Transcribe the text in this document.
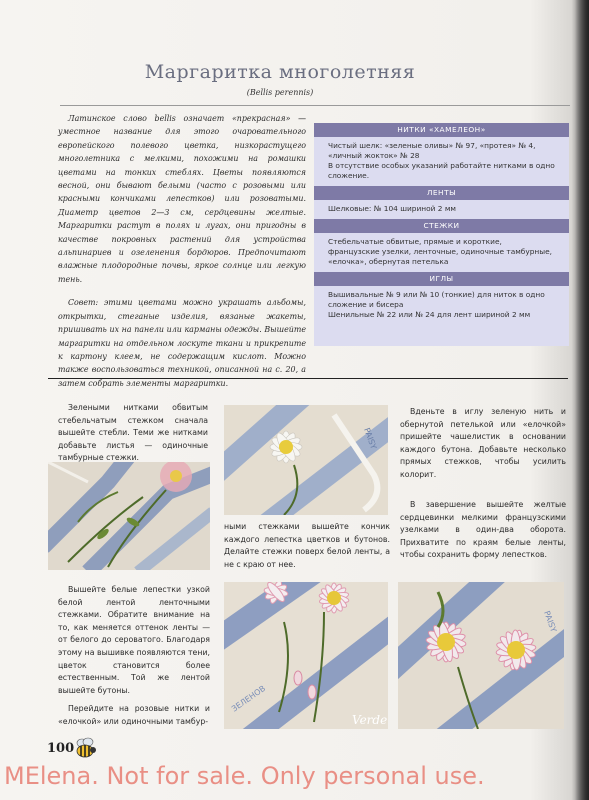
Маргаритка многолетняя
(Bellis perennis)

Латинское слово bellis означает «прекрасная» — уместное название для этого очаровательного европейского полевого цветка, низкорастущего многолетника с мелкими, похожими на ромашки цветами на тонких стеблях. Цветы появляются весной, они бывают белыми (часто с розовыми или красными кончиками лепестков) или розоватыми. Диаметр цветов 2—3 см, сердцевины желтые. Маргаритки растут в полях и лугах, они пригодны в качестве покровных растений для устройства альпинариев и озеленения бордюров. Предпочитают влажные плодородные почвы, яркое солнце или легкую тень.

Совет: этими цветами можно украшать альбомы, открытки, стеганые изделия, вязаные жакеты, пришивать их на панели или карманы одежды. Вышейте маргаритки на отдельном лоскуте ткани и прикрепите к картону клеем, не содержащим кислот. Можно также воспользоваться техникой, описанной на с. 20, а затем собрать элементы маргаритки.

НИТКИ «ХАМЕЛЕОН»
Чистый шелк: «зеленые оливы» № 97, «протея» № 4, «личный жокток» № 28
В отсутствие особых указаний работайте нитками в одно сложение.
ЛЕНТЫ
Шелковые: № 104 шириной 2 мм
СТЕЖКИ
Стебельчатые обвитые, прямые и короткие, французские узелки, ленточные, одиночные тамбурные, «елочка», обернутая петелька
ИГЛЫ
Вышивальные № 9 или № 10 (тонкие) для ниток в одно сложение и бисера
Шенильные № 22 или № 24 для лент шириной 2 мм

Зелеными нитками обвитым стебельчатым стежком сначала вышейте стебли. Теми же нитками добавьте листья — одиночные тамбурные стежки.

Вышейте белые лепестки узкой белой лентой ленточными стежками. Обратите внимание на то, как меняется оттенок ленты — от белого до сероватого. Благодаря этому на вышивке появляются тени, цветок становится более естественным. Той же лентой вышейте бутоны.

Перейдите на розовые нитки и «елочкой» или одиночными тамбур-

PAISY

ными стежками вышейте кончик каждого лепестка цветков и бутонов. Делайте стежки поверх белой ленты, а не с краю от нее.

ЗЕЛЕНОВ
Verde

Вденьте в иглу зеленую нить и обернутой петелькой или «елочкой» пришейте чашелистик в основании каждого бутона. Добавьте несколько прямых стежков, чтобы усилить колорит.

В завершение вышейте желтые сердцевинки мелкими французскими узелками в один-два оборота. Прихватите по краям белые ленты, чтобы сохранить форму лепестков.

PAISY
100
MElena. Not for sale. Only personal use.
